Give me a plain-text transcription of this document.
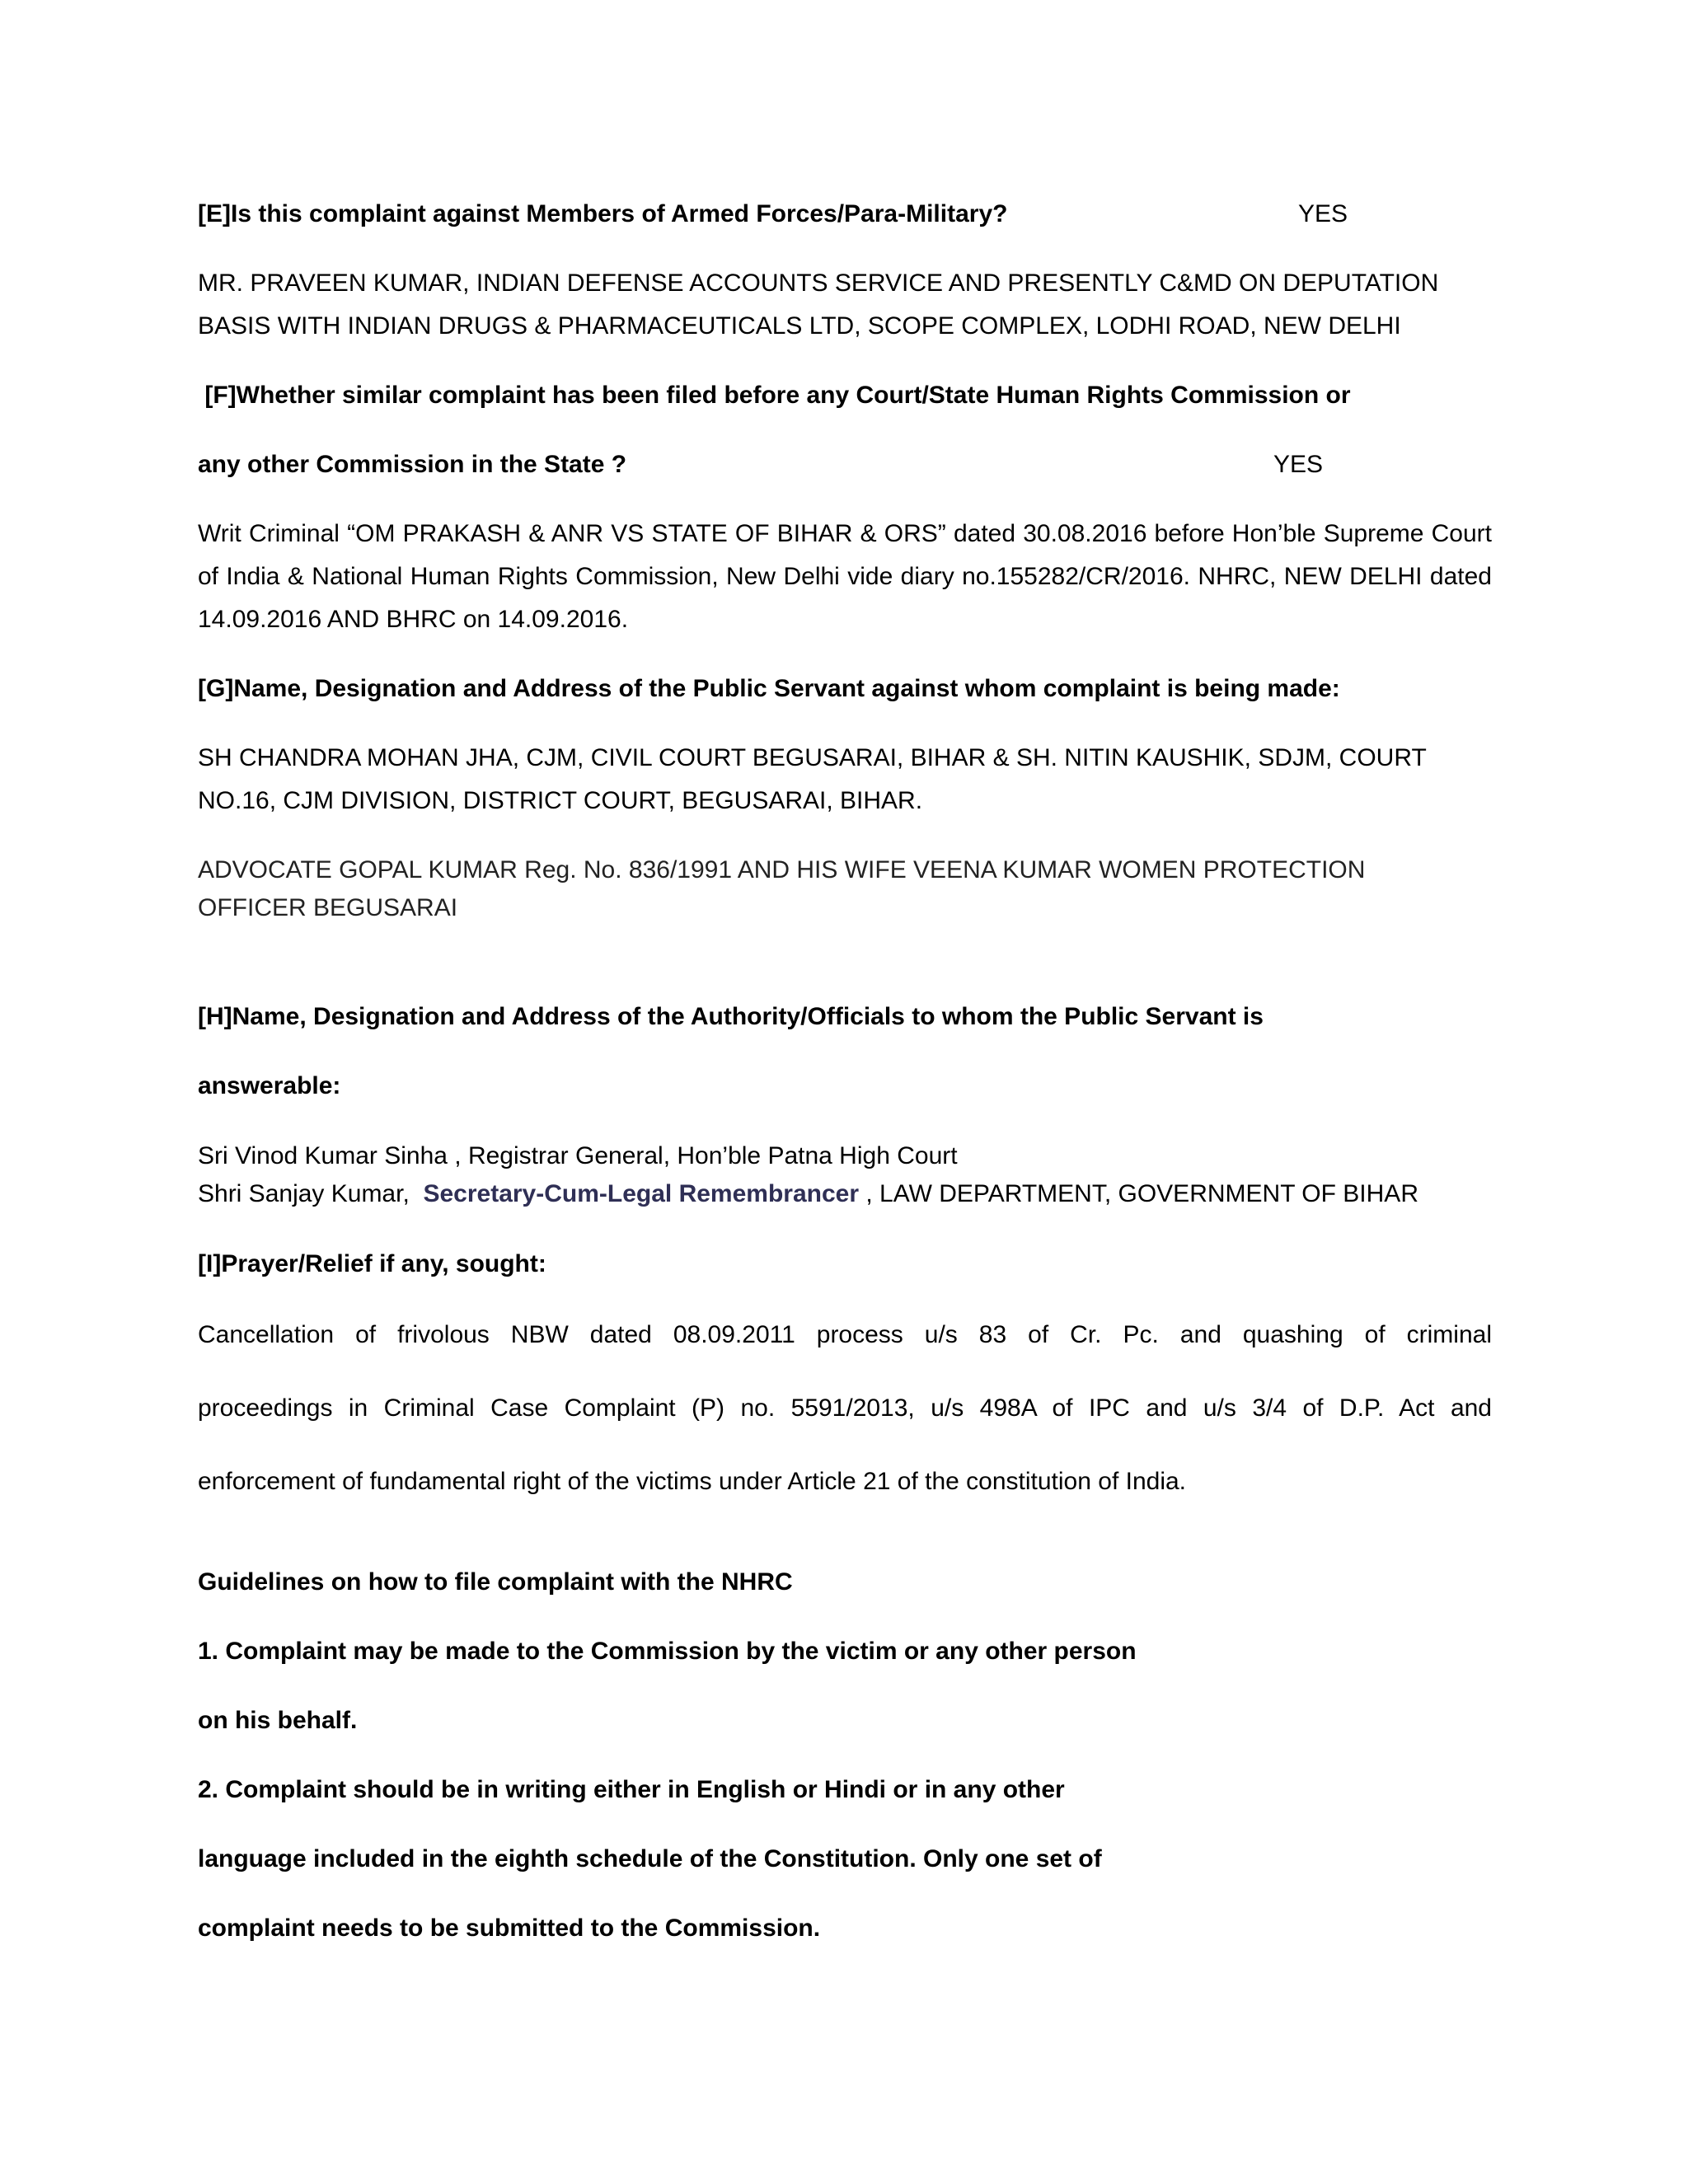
[E]Is this complaint against Members of Armed Forces/Para-Military?	YES
MR. PRAVEEN KUMAR, INDIAN DEFENSE ACCOUNTS SERVICE AND PRESENTLY C&MD ON DEPUTATION
BASIS WITH INDIAN DRUGS & PHARMACEUTICALS LTD, SCOPE COMPLEX, LODHI ROAD, NEW DELHI
[F]Whether similar complaint has been filed before any Court/State Human Rights Commission or
any other Commission in the State ?	YES
Writ Criminal “OM PRAKASH & ANR VS STATE OF BIHAR & ORS” dated 30.08.2016 before Hon’ble Supreme Court of India & National Human Rights Commission, New Delhi vide diary no.155282/CR/2016. NHRC, NEW DELHI dated 14.09.2016 AND BHRC on 14.09.2016.
[G]Name, Designation and Address of the Public Servant against whom complaint is being made:
SH CHANDRA MOHAN JHA, CJM, CIVIL COURT BEGUSARAI, BIHAR & SH. NITIN KAUSHIK, SDJM, COURT
NO.16, CJM DIVISION, DISTRICT COURT, BEGUSARAI, BIHAR.
ADVOCATE GOPAL KUMAR Reg. No. 836/1991 AND HIS WIFE VEENA KUMAR WOMEN PROTECTION
OFFICER BEGUSARAI
[H]Name, Designation and Address of the Authority/Officials to whom the Public Servant is
answerable:
Sri Vinod Kumar Sinha , Registrar General, Hon’ble Patna High Court
Shri Sanjay Kumar,  Secretary-Cum-Legal Remembrancer , LAW DEPARTMENT, GOVERNMENT OF BIHAR
[I]Prayer/Relief if any, sought:
Cancellation of frivolous NBW dated 08.09.2011 process u/s 83 of Cr. Pc. and quashing of criminal
proceedings in Criminal Case Complaint (P) no. 5591/2013, u/s 498A of IPC and u/s 3/4 of D.P. Act and
enforcement of fundamental right of the victims under Article 21 of the constitution of India.
Guidelines on how to file complaint with the NHRC
1. Complaint may be made to the Commission by the victim or any other person
on his behalf.
2. Complaint should be in writing either in English or Hindi or in any other
language included in the eighth schedule of the Constitution. Only one set of
complaint needs to be submitted to the Commission.
